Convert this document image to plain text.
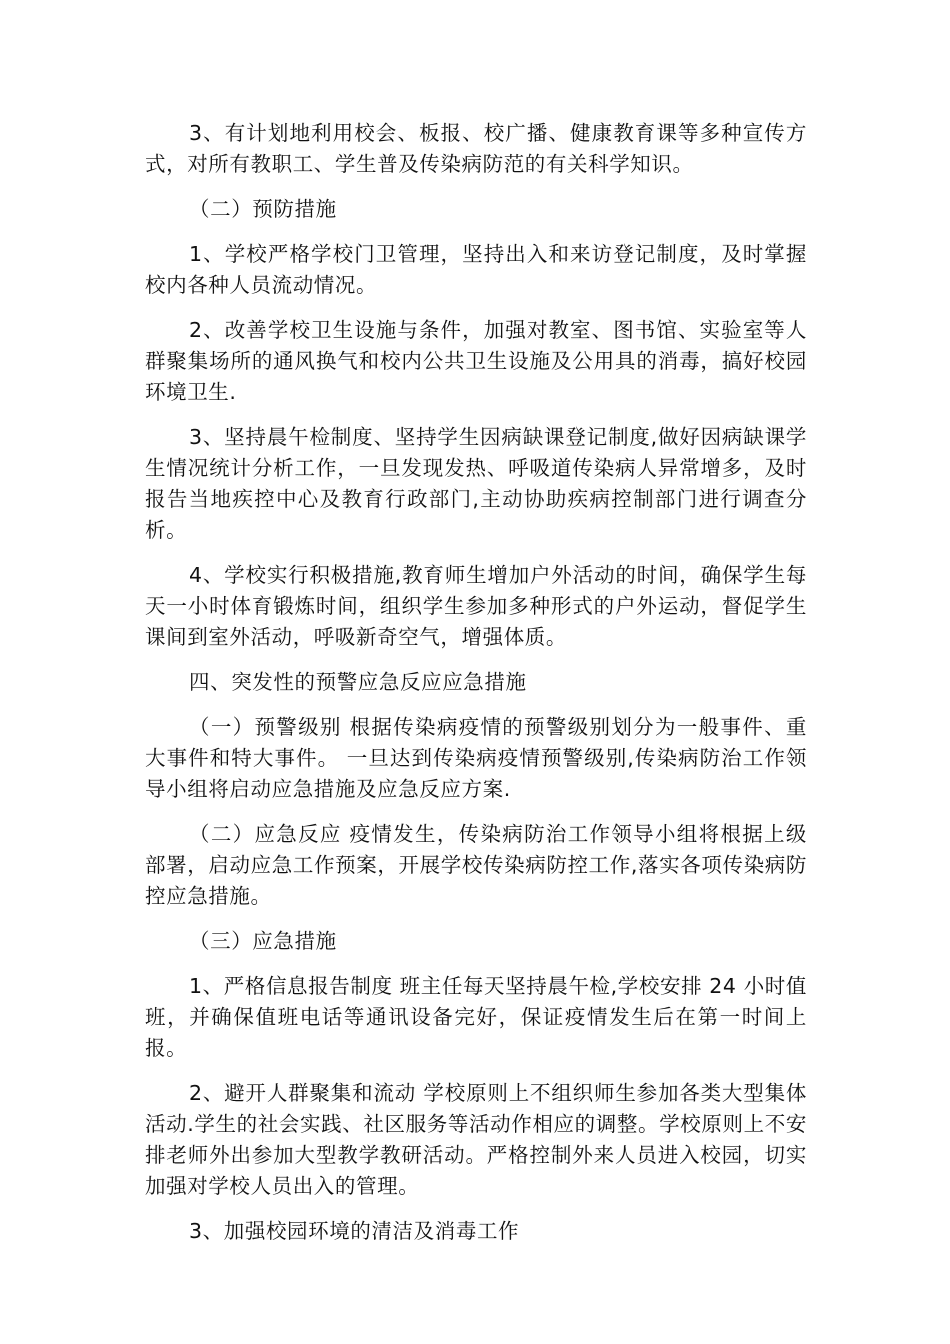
3、有计划地利用校会、板报、校广播、健康教育课等多种宣传方式，对所有教职工、学生普及传染病防范的有关科学知识。

（二）预防措施

1、学校严格学校门卫管理，坚持出入和来访登记制度，及时掌握校内各种人员流动情况。

2、改善学校卫生设施与条件，加强对教室、图书馆、实验室等人群聚集场所的通风换气和校内公共卫生设施及公用具的消毒，搞好校园环境卫生.

3、坚持晨午检制度、坚持学生因病缺课登记制度,做好因病缺课学生情况统计分析工作，一旦发现发热、呼吸道传染病人异常增多，及时报告当地疾控中心及教育行政部门,主动协助疾病控制部门进行调查分析。

4、学校实行积极措施,教育师生增加户外活动的时间，确保学生每天一小时体育锻炼时间，组织学生参加多种形式的户外运动，督促学生课间到室外活动，呼吸新奇空气，增强体质。

四、突发性的预警应急反应应急措施

（一）预警级别 根据传染病疫情的预警级别划分为一般事件、重大事件和特大事件。 一旦达到传染病疫情预警级别,传染病防治工作领导小组将启动应急措施及应急反应方案.

（二）应急反应 疫情发生，传染病防治工作领导小组将根据上级部署，启动应急工作预案，开展学校传染病防控工作,落实各项传染病防控应急措施。

（三）应急措施

1、严格信息报告制度 班主任每天坚持晨午检,学校安排 24 小时值班，并确保值班电话等通讯设备完好，保证疫情发生后在第一时间上报。

2、避开人群聚集和流动 学校原则上不组织师生参加各类大型集体活动.学生的社会实践、社区服务等活动作相应的调整。学校原则上不安排老师外出参加大型教学教研活动。严格控制外来人员进入校园，切实加强对学校人员出入的管理。

3、加强校园环境的清洁及消毒工作
